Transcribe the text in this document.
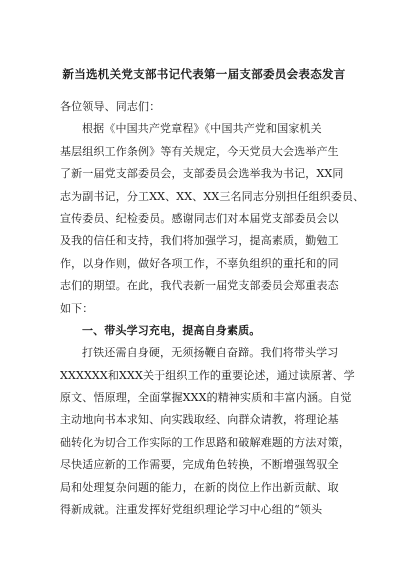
新当选机关党支部书记代表第一届支部委员会表态发言
各位领导、同志们：
根据《中国共产党章程》《中国共产党和国家机关
基层组织工作条例》等有关规定，今天党员大会选举产生
了新一届党支部委员会，支部委员会选举我为书记，XX同
志为副书记，分工XX、XX、XX三名同志分别担任组织委员、
宣传委员、纪检委员。感谢同志们对本届党支部委员会以
及我的信任和支持，我们将加强学习，提高素质，勤勉工
作，以身作则，做好各项工作，不辜负组织的重托和的同
志们的期望。在此，我代表新一届党支部委员会郑重表态
如下：
一、带头学习充电，提高自身素质。
打铁还需自身硬，无须扬鞭自奋蹄。我们将带头学习
XXXXXX和XXX关于组织工作的重要论述，通过读原著、学
原文、悟原理，全面掌握XXX的精神实质和丰富内涵。自觉
主动地向书本求知、向实践取经、向群众请教，将理论基
础转化为切合工作实际的工作思路和破解难题的方法对策，
尽快适应新的工作需要，完成角色转换，不断增强驾驭全
局和处理复杂问题的能力，在新的岗位上作出新贡献、取
得新成就。注重发挥好党组织理论学习中心组的“领头
